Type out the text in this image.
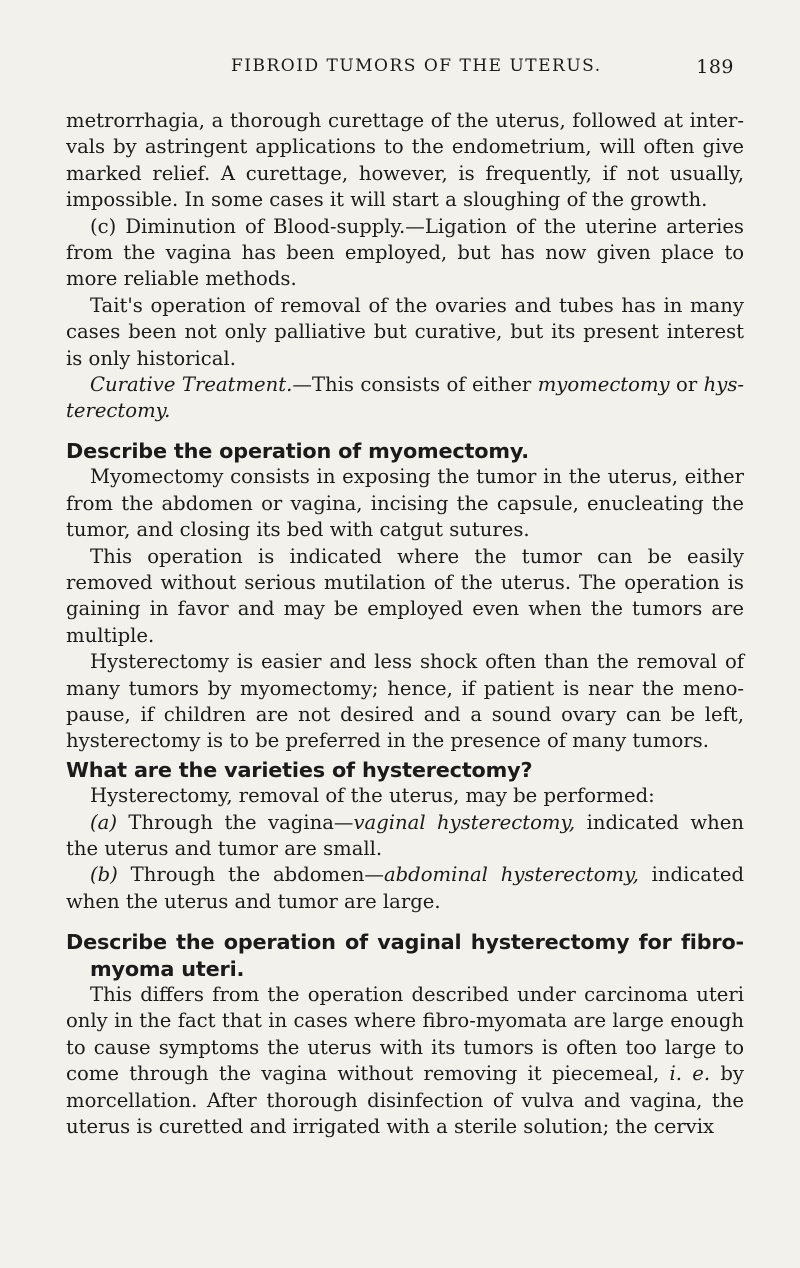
FIBROID TUMORS OF THE UTERUS.	189

metrorrhagia, a thorough curettage of the uterus, followed at inter- vals by astringent applications to the endometrium, will often give marked relief. A curettage, however, is frequently, if not usually, impossible. In some cases it will start a sloughing of the growth.

(c) Diminution of Blood-supply.—Ligation of the uterine arteries from the vagina has been employed, but has now given place to more reliable methods.

Tait's operation of removal of the ovaries and tubes has in many cases been not only palliative but curative, but its present interest is only historical.

Curative Treatment.—This consists of either myomectomy or hys- terectomy.

Describe the operation of myomectomy.

Myomectomy consists in exposing the tumor in the uterus, either from the abdomen or vagina, incising the capsule, enucleating the tumor, and closing its bed with catgut sutures.

This operation is indicated where the tumor can be easily removed without serious mutilation of the uterus. The operation is gaining in favor and may be employed even when the tumors are multiple.

Hysterectomy is easier and less shock often than the removal of many tumors by myomectomy; hence, if patient is near the meno- pause, if children are not desired and a sound ovary can be left, hysterectomy is to be preferred in the presence of many tumors.

What are the varieties of hysterectomy?

Hysterectomy, removal of the uterus, may be performed:

(a) Through the vagina—vaginal hysterectomy, indicated when the uterus and tumor are small.

(b) Through the abdomen—abdominal hysterectomy, indicated when the uterus and tumor are large.

Describe the operation of vaginal hysterectomy for fibro- myoma uteri.

This differs from the operation described under carcinoma uteri only in the fact that in cases where fibro-myomata are large enough to cause symptoms the uterus with its tumors is often too large to come through the vagina without removing it piecemeal, i. e. by morcellation. After thorough disinfection of vulva and vagina, the uterus is curetted and irrigated with a sterile solution; the cervix
